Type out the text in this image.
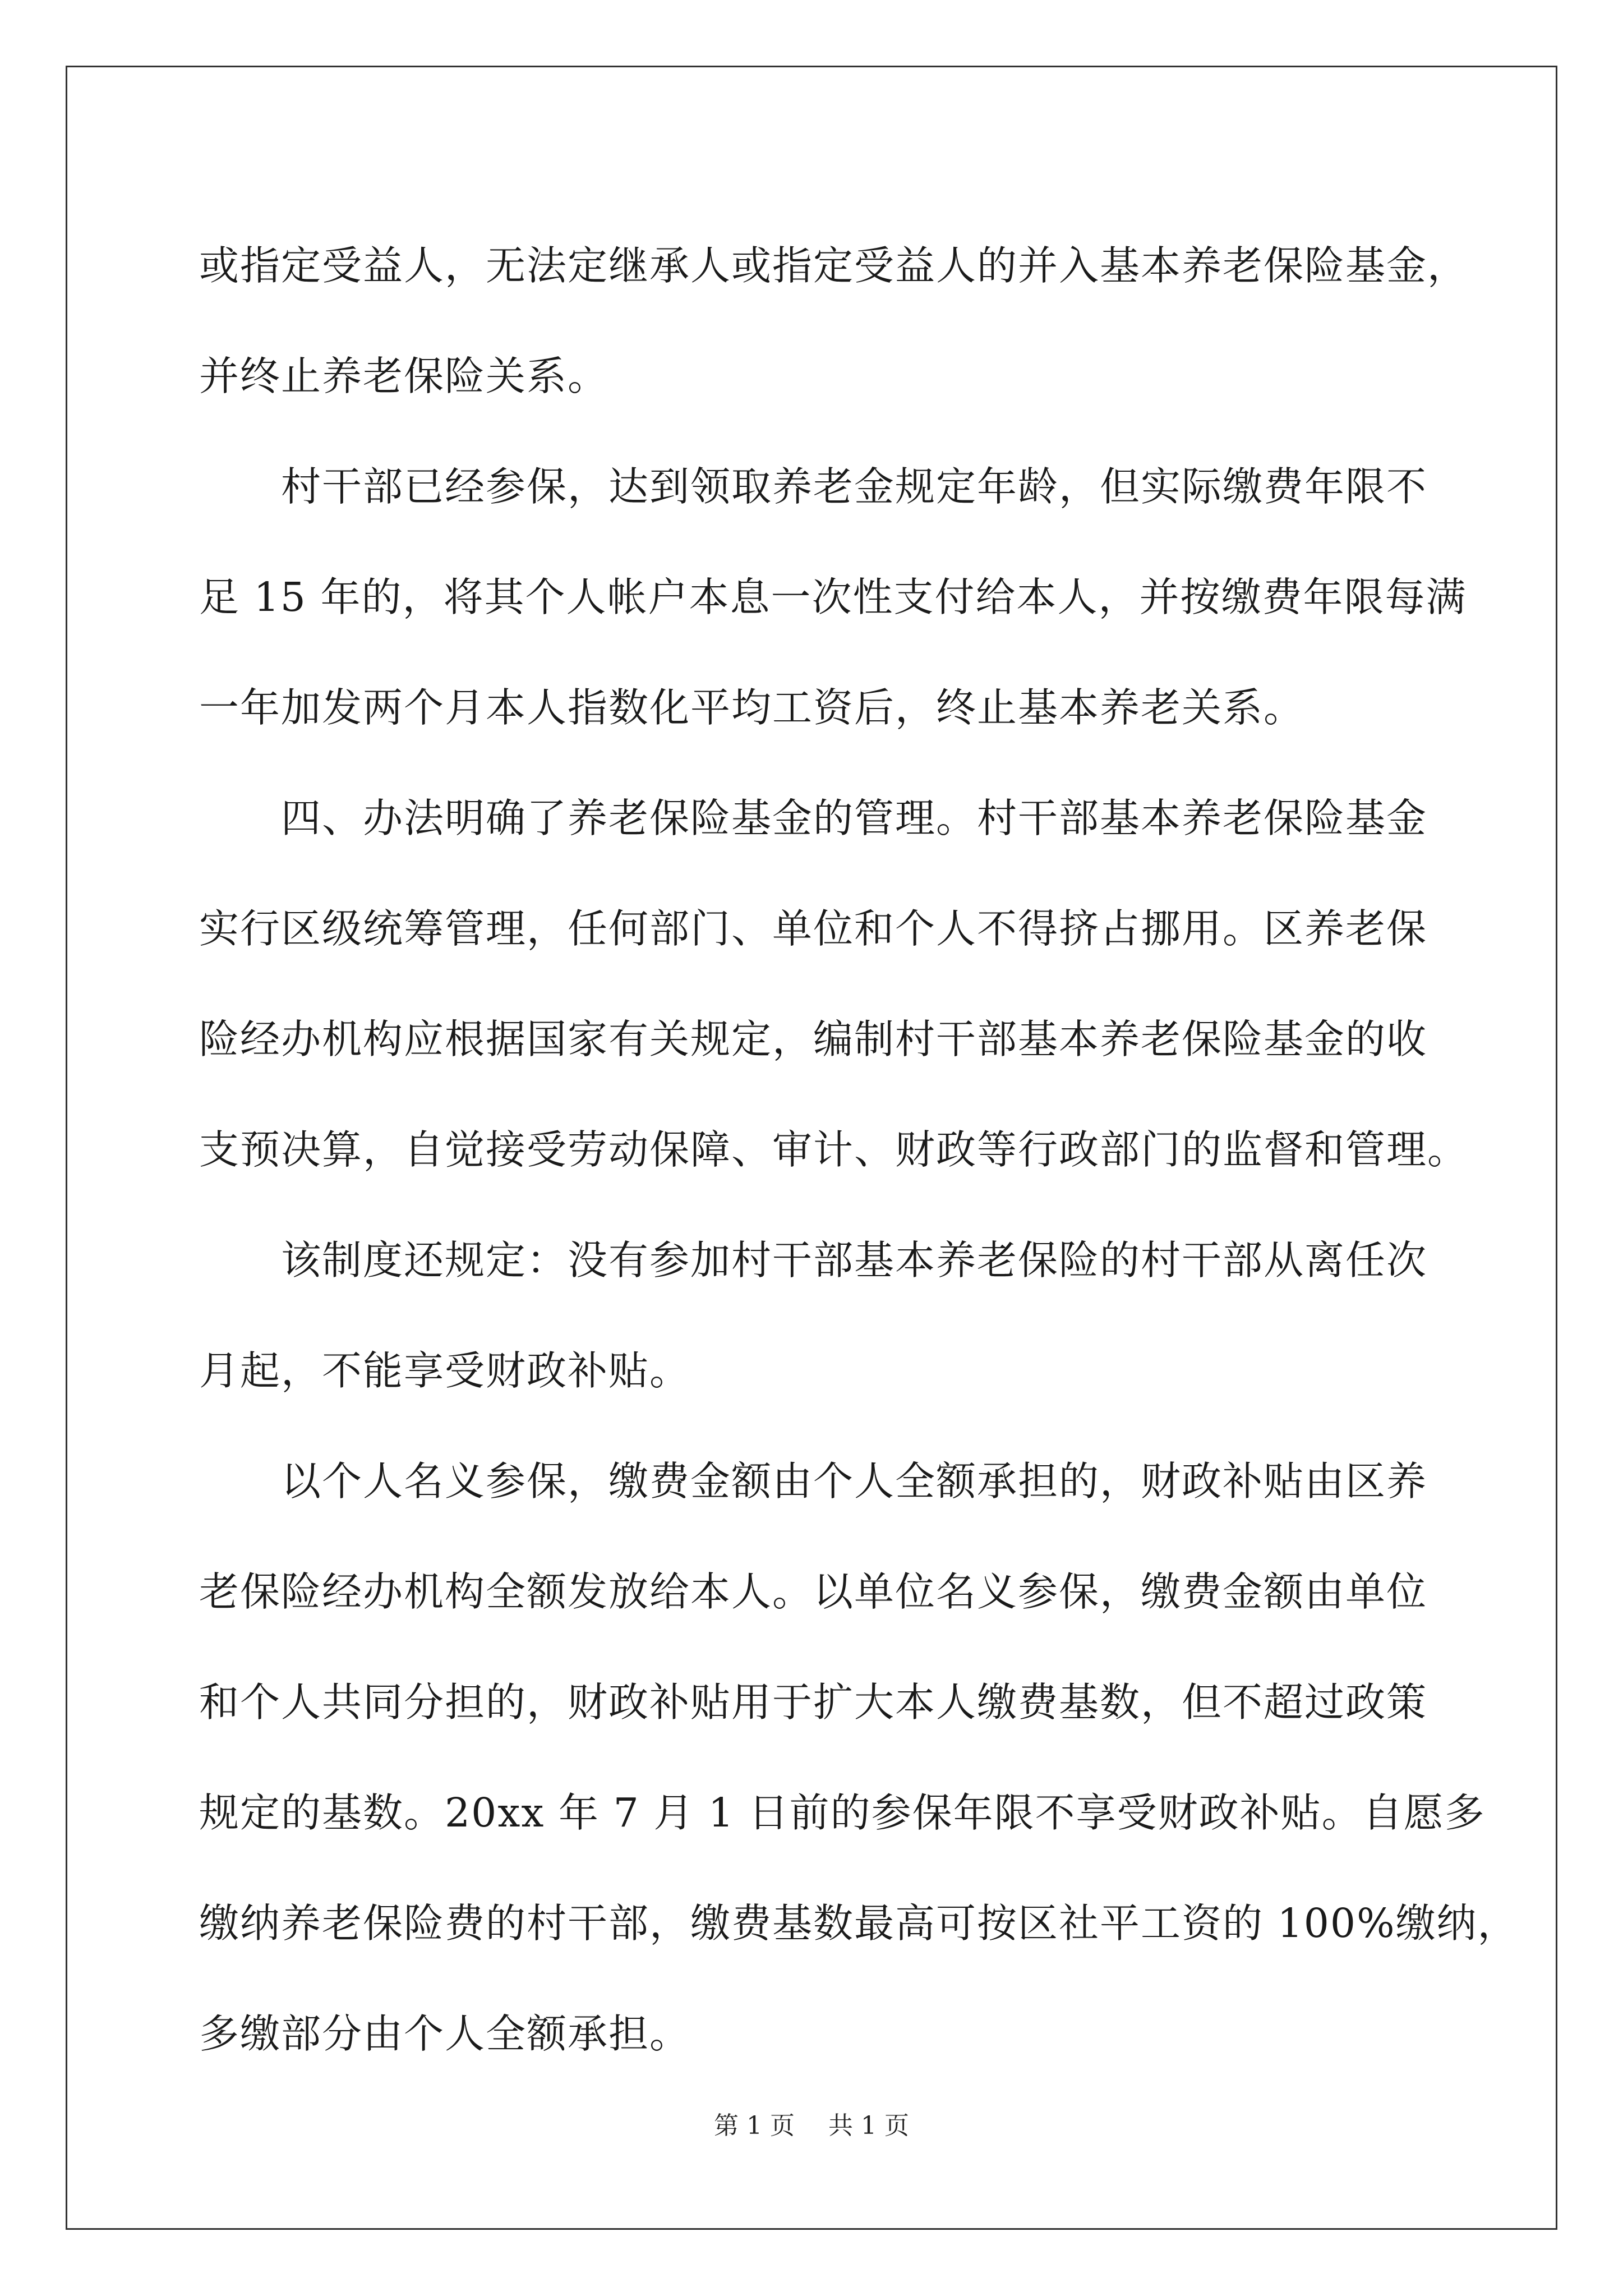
或指定受益人，无法定继承人或指定受益人的并入基本养老保险基金，
并终止养老保险关系。

村干部已经参保，达到领取养老金规定年龄，但实际缴费年限不
足 15 年的，将其个人帐户本息一次性支付给本人，并按缴费年限每满
一年加发两个月本人指数化平均工资后，终止基本养老关系。

四、办法明确了养老保险基金的管理。村干部基本养老保险基金
实行区级统筹管理，任何部门、单位和个人不得挤占挪用。区养老保
险经办机构应根据国家有关规定，编制村干部基本养老保险基金的收
支预决算，自觉接受劳动保障、审计、财政等行政部门的监督和管理。

该制度还规定：没有参加村干部基本养老保险的村干部从离任次
月起，不能享受财政补贴。

以个人名义参保，缴费金额由个人全额承担的，财政补贴由区养
老保险经办机构全额发放给本人。以单位名义参保，缴费金额由单位
和个人共同分担的，财政补贴用于扩大本人缴费基数，但不超过政策
规定的基数。20xx 年 7 月 1 日前的参保年限不享受财政补贴。自愿多
缴纳养老保险费的村干部，缴费基数最高可按区社平工资的 100%缴纳，
多缴部分由个人全额承担。

第 1 页 共 1 页
